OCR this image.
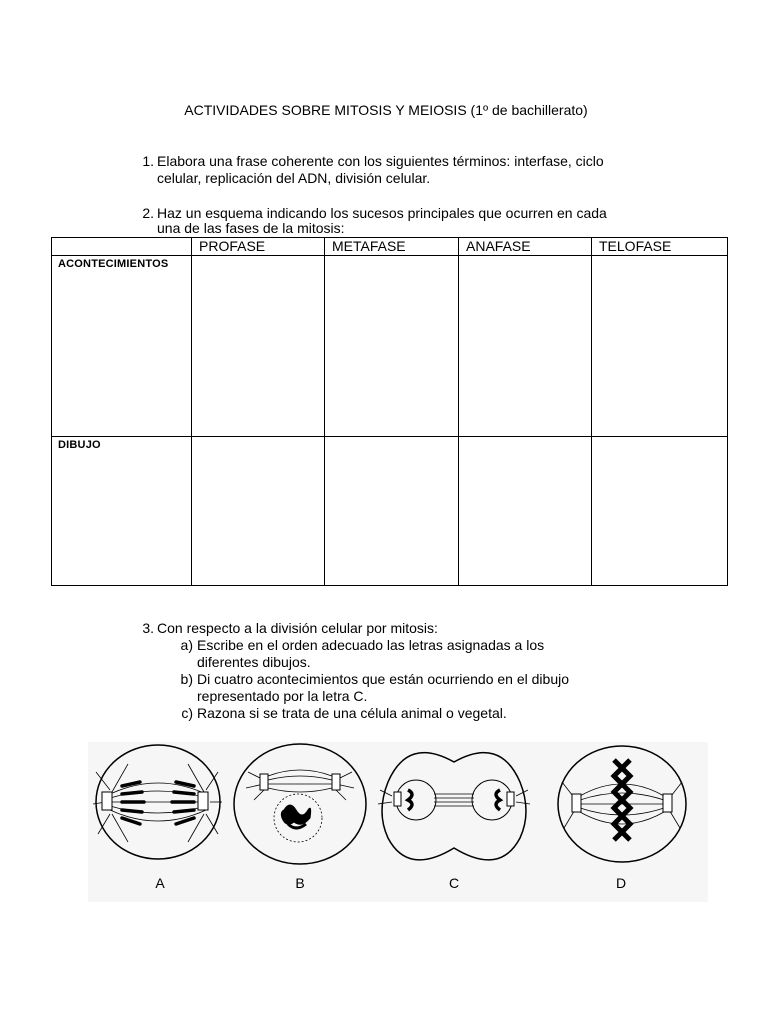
ACTIVIDADES SOBRE MITOSIS Y MEIOSIS (1º de bachillerato)
1. Elabora una frase coherente con los siguientes términos: interfase, ciclo
celular, replicación del ADN, división celular.
2. Haz un esquema indicando los sucesos principales que ocurren en cada
una de las fases de la mitosis:
	PROFASE	METAFASE	ANAFASE	TELOFASE
ACONTECIMIENTOS				
DIBUJO				
3. Con respecto a la división celular por mitosis:
a) Escribe en el orden adecuado las letras asignadas a los
diferentes dibujos.
b) Di cuatro acontecimientos que están ocurriendo en el dibujo
representado por la letra C.
c) Razona si se trata de una célula animal o vegetal.
A	B	C	D
